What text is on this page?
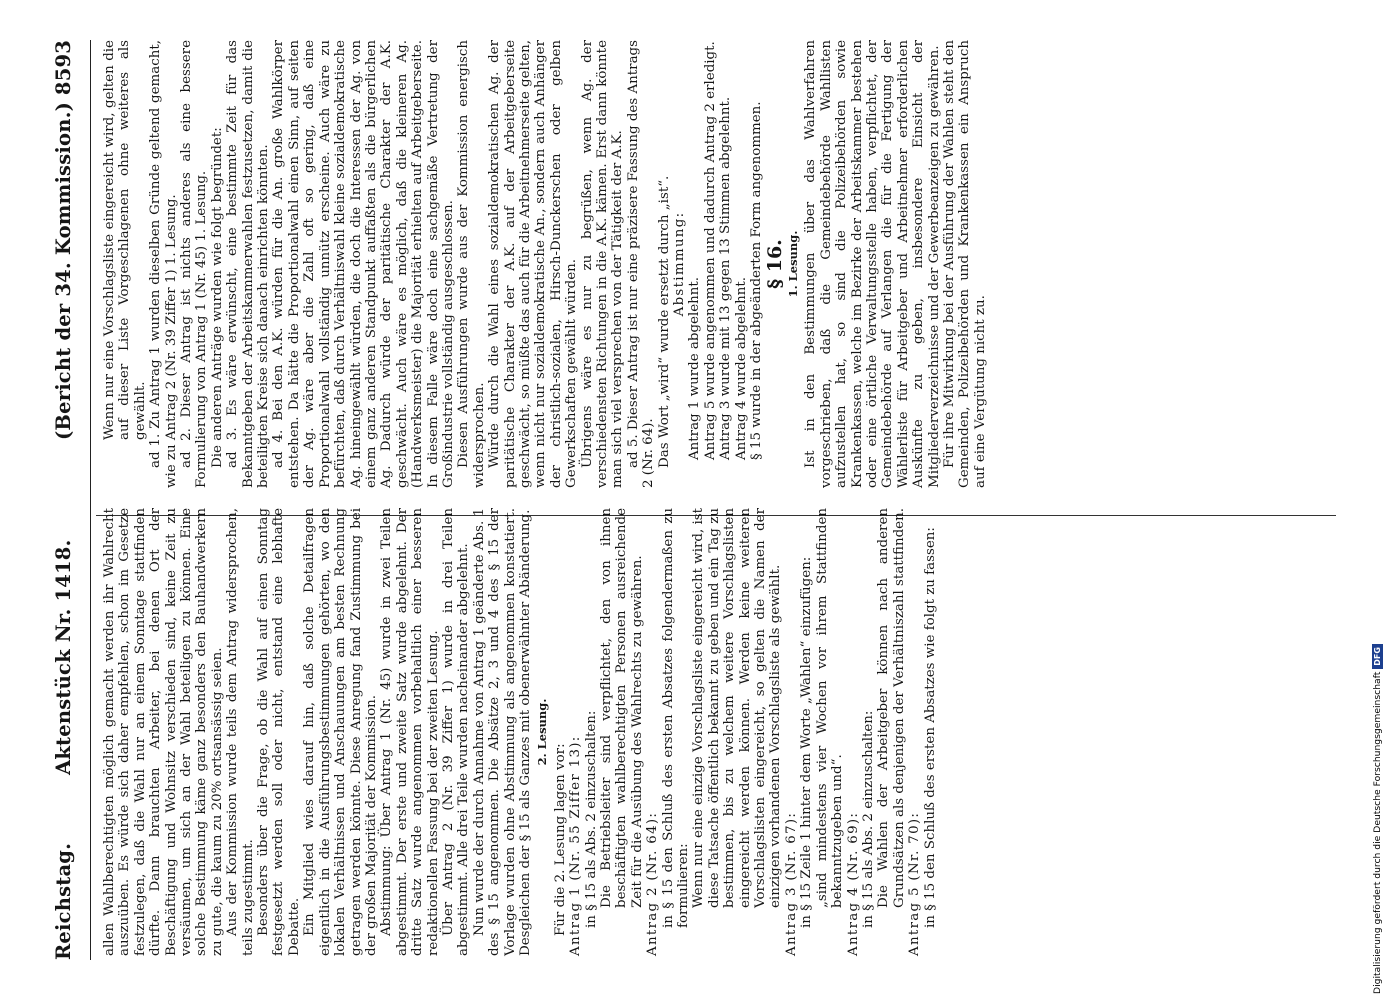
Reichstag.
Aktenstück Nr. 1418.
(Bericht der 34. Kommission.)
8593

allen Wahlberechtigten möglich gemacht werden ihr Wahlrecht auszuüben. Es würde sich daher empfehlen, schon im Gesetze festzulegen, daß die Wahl nur an einem Sonntage stattfinden dürfte. Dann brauchten Arbeiter, bei denen Ort der Beschäftigung und Wohnsitz verschieden sind, keine Zeit zu versäumen, um sich an der Wahl beteiligen zu können. Eine solche Bestimmung käme ganz besonders den Bauhandwerkern zu gute, die kaum zu 20% ortsansässig seien. Aus der Kommission wurde teils dem Antrag widersprochen, teils zugestimmt. Besonders über die Frage, ob die Wahl auf einen Sonntag festgesetzt werden soll oder nicht, entstand eine lebhafte Debatte. Ein Mitglied wies darauf hin, daß solche Detailfragen eigentlich in die Ausführungsbestimmungen gehörten, wo den lokalen Verhältnissen und Anschauungen am besten Rechnung getragen werden könnte. Diese Anregung fand Zustimmung bei der großen Majorität der Kommission. Abstimmung: Über Antrag 1 (Nr. 45) wurde in zwei Teilen abgestimmt. Der erste und zweite Satz wurde abgelehnt. Der dritte Satz wurde angenommen vorbehaltlich einer besseren redaktionellen Fassung bei der zweiten Lesung. Über Antrag 2 (Nr. 39 Ziffer 1) wurde in drei Teilen abgestimmt. Alle drei Teile wurden nacheinander abgelehnt. Nun wurde der durch Annahme von Antrag 1 geänderte Abs. 1 des § 15 angenommen. Die Absätze 2, 3 und 4 des § 15 der Vorlage wurden ohne Abstimmung als angenommen konstatiert. Desgleichen der § 15 als Ganzes mit obenerwähnter Abänderung. 2. Lesung.

Für die 2. Lesung lagen vor: Antrag 1 (Nr. 55 Ziffer 13): in § 15 als Abs. 2 einzuschalten: Die Betriebsleiter sind verpflichtet, den von ihnen beschäftigten wahlberechtigten Personen ausreichende Zeit für die Ausübung des Wahlrechts zu gewähren. Antrag 2 (Nr. 64): in § 15 den Schluß des ersten Absatzes folgendermaßen zu formulieren: Wenn nur eine einzige Vorschlagsliste eingereicht wird, ist diese Tatsache öffentlich bekannt zu geben und ein Tag zu bestimmen, bis zu welchem weitere Vorschlagslisten eingereicht werden können. Werden keine weiteren Vorschlagslisten eingereicht, so gelten die Namen der einzigen vorhandenen Vorschlagsliste als gewählt. Antrag 3 (Nr. 67): in § 15 Zeile 1 hinter dem Worte „Wahlen“ einzufügen: „sind mindestens vier Wochen vor ihrem Stattfinden bekanntzugeben und“. Antrag 4 (Nr. 69): in § 15 als Abs. 2 einzuschalten: Die Wahlen der Arbeitgeber können nach anderen Grundsätzen als denjenigen der Verhältniszahl stattfinden. Antrag 5 (Nr. 70): in § 15 den Schluß des ersten Absatzes wie folgt zu fassen:

Wenn nur eine Vorschlagsliste eingereicht wird, gelten die auf dieser Liste Vorgeschlagenen ohne weiteres als gewählt. ad 1. Zu Antrag 1 wurden dieselben Gründe geltend gemacht, wie zu Antrag 2 (Nr. 39 Ziffer 1) 1. Lesung. ad 2. Dieser Antrag ist nichts anderes als eine bessere Formulierung von Antrag 1 (Nr. 45) 1. Lesung. Die anderen Anträge wurden wie folgt begründet: ad 3. Es wäre erwünscht, eine bestimmte Zeit für das Bekanntgeben der Arbeitskammerwahlen festzusetzen, damit die beteiligten Kreise sich danach einrichten könnten. ad 4. Bei den A.K. würden für die An. große Wahlkörper entstehen. Da hätte die Proportionalwahl einen Sinn, auf seiten der Ag. wäre aber die Zahl oft so gering, daß eine Proportionalwahl vollständig unnütz erscheine. Auch wäre zu befürchten, daß durch Verhältniswahl kleine sozialdemokratische Ag. hineingewählt würden, die doch die Interessen der Ag. von einem ganz anderen Standpunkt auffaßten als die bürgerlichen Ag. Dadurch würde der paritätische Charakter der A.K. geschwächt. Auch wäre es möglich, daß die kleineren Ag. (Handwerksmeister) die Majorität erhielten auf Arbeitgeberseite. In diesem Falle wäre doch eine sachgemäße Vertretung der Großindustrie vollständig ausgeschlossen. Diesen Ausführungen wurde aus der Kommission energisch widersprochen. Würde durch die Wahl eines sozialdemokratischen Ag. der paritätische Charakter der A.K. auf der Arbeitgeberseite geschwächt, so müßte das auch für die Arbeitnehmerseite gelten, wenn nicht nur sozialdemokratische An., sondern auch Anhänger der christlich-sozialen, Hirsch-Dunckerschen oder gelben Gewerkschaften gewählt würden. Übrigens wäre es nur zu begrüßen, wenn Ag. der verschiedensten Richtungen in die A.K. kämen. Erst dann könnte man sich viel versprechen von der Tätigkeit der A.K. ad 5. Dieser Antrag ist nur eine präzisere Fassung des Antrags 2 (Nr. 64). Das Wort „wird“ wurde ersetzt durch „ist“. Abstimmung:

Antrag 1 wurde abgelehnt. Antrag 5 wurde angenommen und dadurch Antrag 2 erledigt. Antrag 3 wurde mit 13 gegen 13 Stimmen abgelehnt. Antrag 4 wurde abgelehnt. § 15 wurde in der abgeänderten Form angenommen. § 16. 1. Lesung. Ist in den Bestimmungen über das Wahlverfahren vorgeschrieben, daß die Gemeindebehörde Wahllisten aufzustellen hat, so sind die Polizeibehörden sowie Krankenkassen, welche im Bezirke der Arbeitskammer bestehen oder eine örtliche Verwaltungsstelle haben, verpflichtet, der Gemeindebehörde auf Verlangen die für die Fertigung der Wählerliste für Arbeitgeber und Arbeitnehmer erforderlichen Auskünfte zu geben, insbesondere Einsicht der Mitgliederverzeichnisse und der Gewerbeanzeigen zu gewähren. Für ihre Mitwirkung bei der Ausführung der Wahlen steht den Gemeinden, Polizeibehörden und Krankenkassen ein Anspruch auf eine Vergütung nicht zu.

Digitalisierung gefördert durch die Deutsche Forschungsgemeinschaft DFG
